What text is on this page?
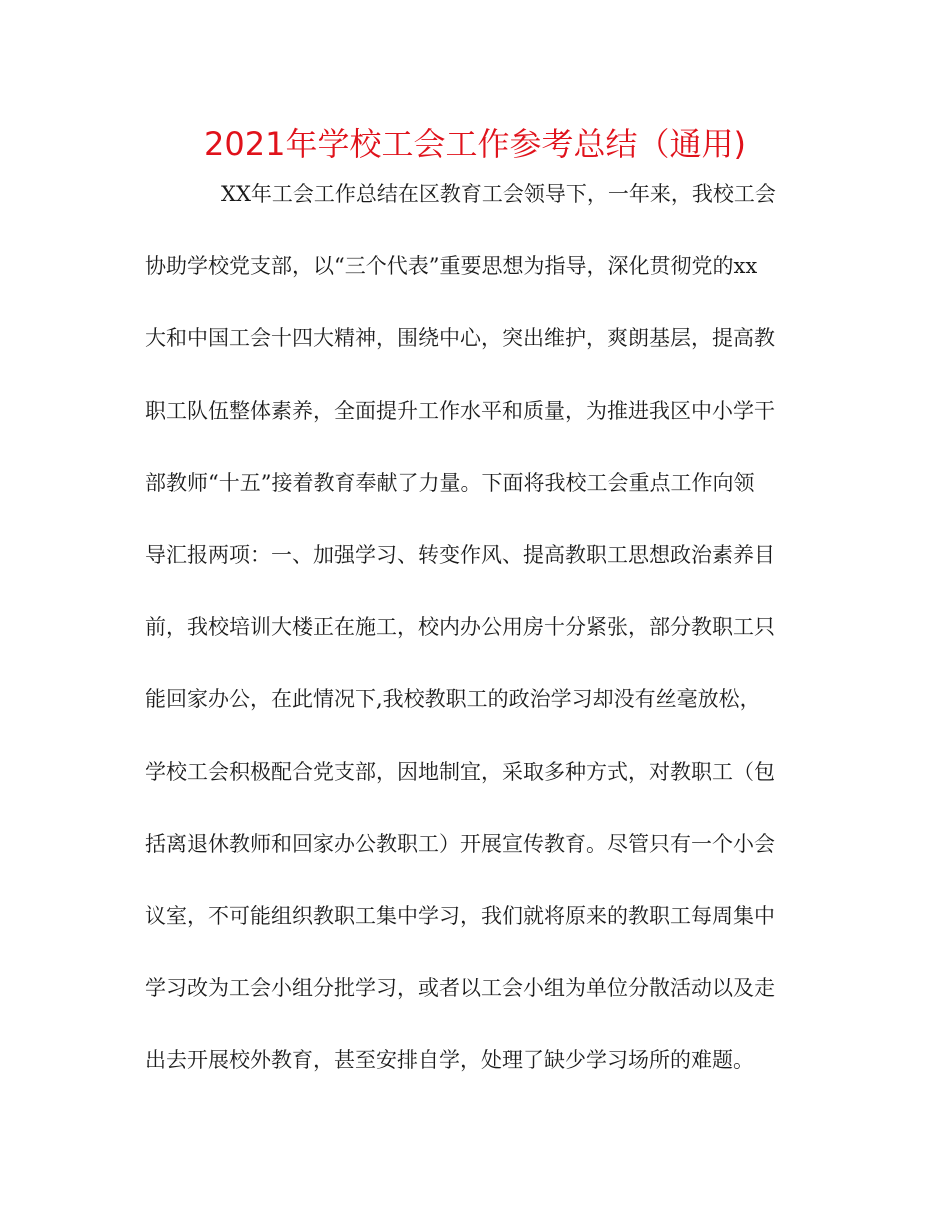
2021年学校工会工作参考总结（通用)
XX年工会工作总结在区教育工会领导下，一年来，我校工会
协助学校党支部，以“三个代表”重要思想为指导，深化贯彻党的xx
大和中国工会十四大精神，围绕中心，突出维护，爽朗基层，提高教
职工队伍整体素养，全面提升工作水平和质量，为推进我区中小学干
部教师“十五”接着教育奉献了力量。下面将我校工会重点工作向领
导汇报两项：一、加强学习、转变作风、提高教职工思想政治素养目
前，我校培训大楼正在施工，校内办公用房十分紧张，部分教职工只
能回家办公，在此情况下,我校教职工的政治学习却没有丝毫放松，
学校工会积极配合党支部，因地制宜，采取多种方式，对教职工（包
括离退休教师和回家办公教职工）开展宣传教育。尽管只有一个小会
议室，不可能组织教职工集中学习，我们就将原来的教职工每周集中
学习改为工会小组分批学习，或者以工会小组为单位分散活动以及走
出去开展校外教育，甚至安排自学，处理了缺少学习场所的难题。
